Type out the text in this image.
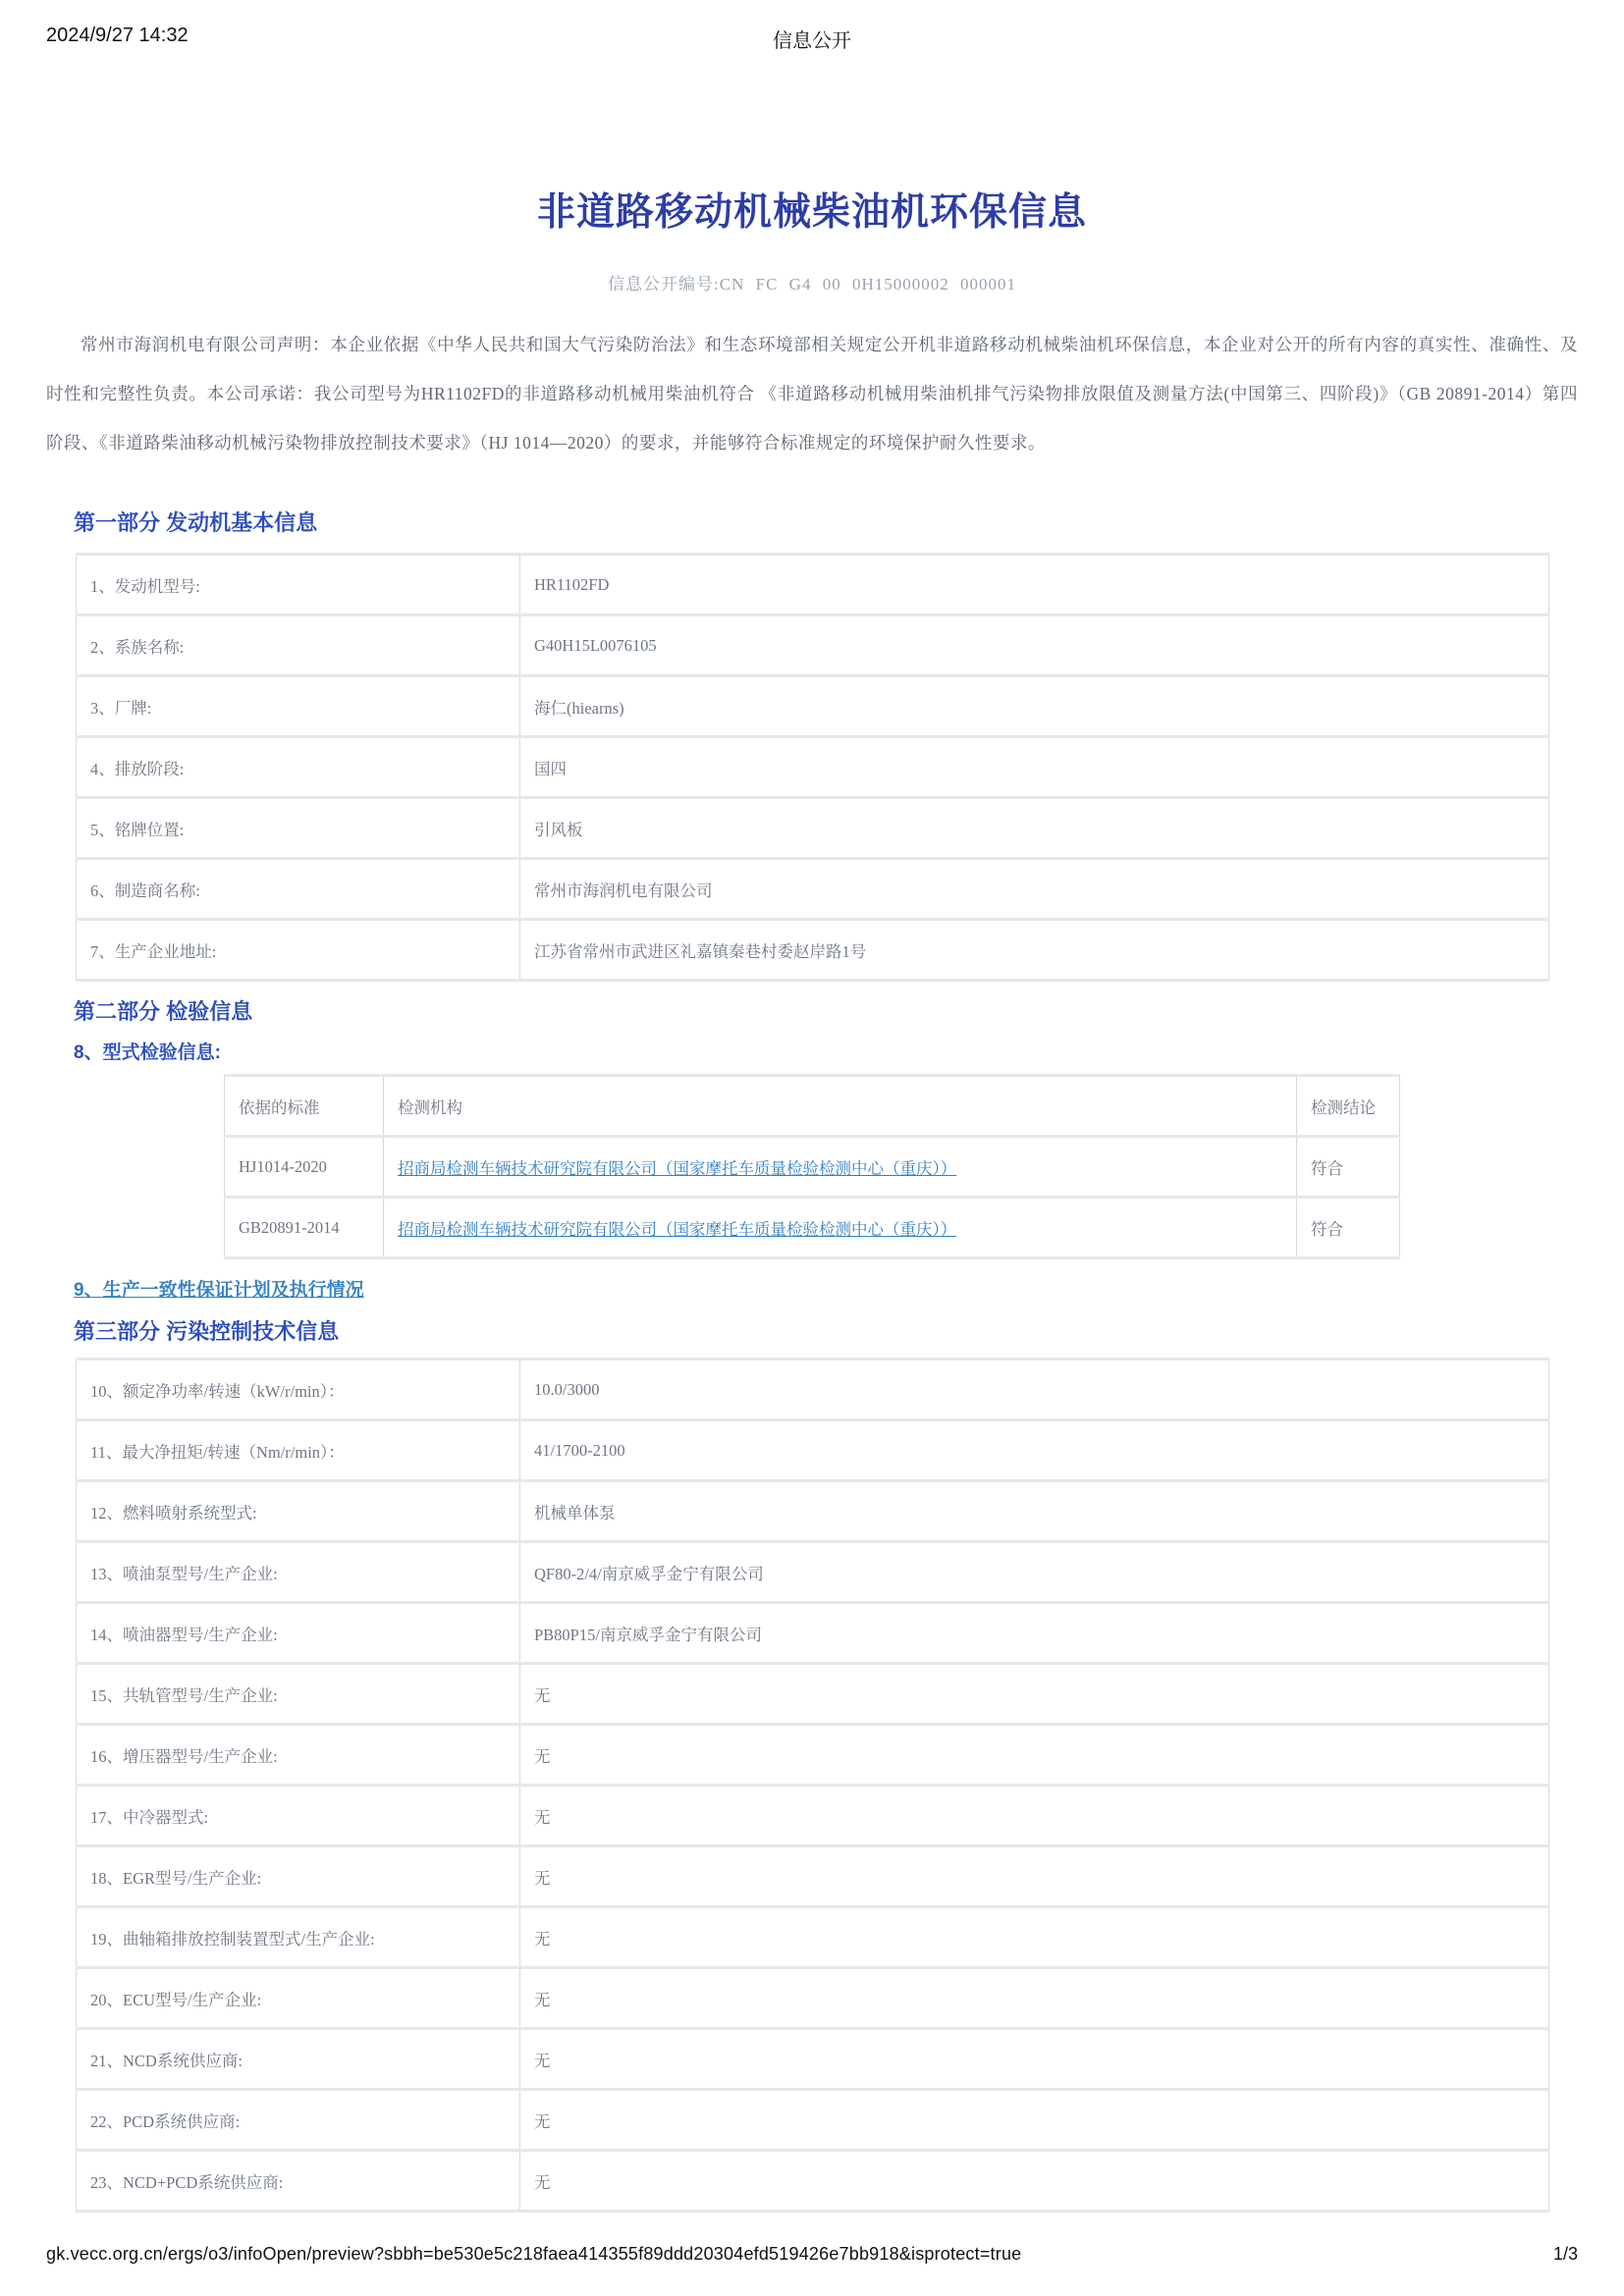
2024/9/27 14:32	信息公开
非道路移动机械柴油机环保信息
信息公开编号:CN FC G4 00 0H15000002 000001

常州市海润机电有限公司声明：本企业依据《中华人民共和国大气污染防治法》和生态环境部相关规定公开机非道路移动机械柴油机环保信息，本企业对公开的所有内容的真实性、准确性、及时性和完整性负责。本公司承诺：我公司型号为HR1102FD的非道路移动机械用柴油机符合 《非道路移动机械用柴油机排气污染物排放限值及测量方法(中国第三、四阶段)》（GB 20891-2014）第四阶段、《非道路柴油移动机械污染物排放控制技术要求》（HJ 1014—2020）的要求，并能够符合标准规定的环境保护耐久性要求。

第一部分 发动机基本信息
1、发动机型号:	HR1102FD
2、系族名称:	G40H15L0076105
3、厂牌:	海仁(hiearns)
4、排放阶段:	国四
5、铭牌位置:	引风板
6、制造商名称:	常州市海润机电有限公司
7、生产企业地址:	江苏省常州市武进区礼嘉镇秦巷村委赵岸路1号
第二部分 检验信息
8、型式检验信息:
依据的标准	检测机构	检测结论
HJ1014-2020	招商局检测车辆技术研究院有限公司（国家摩托车质量检验检测中心（重庆））	符合
GB20891-2014	招商局检测车辆技术研究院有限公司（国家摩托车质量检验检测中心（重庆））	符合
9、生产一致性保证计划及执行情况
第三部分 污染控制技术信息
10、额定净功率/转速（kW/r/min）：	10.0/3000
11、最大净扭矩/转速（Nm/r/min）：	41/1700-2100
12、燃料喷射系统型式:	机械单体泵
13、喷油泵型号/生产企业:	QF80-2/4/南京威孚金宁有限公司
14、喷油器型号/生产企业:	PB80P15/南京威孚金宁有限公司
15、共轨管型号/生产企业:	无
16、增压器型号/生产企业:	无
17、中冷器型式:	无
18、EGR型号/生产企业:	无
19、曲轴箱排放控制装置型式/生产企业:	无
20、ECU型号/生产企业:	无
21、NCD系统供应商:	无
22、PCD系统供应商:	无
23、NCD+PCD系统供应商:	无
gk.vecc.org.cn/ergs/o3/infoOpen/preview?sbbh=be530e5c218faea414355f89ddd20304efd519426e7bb918&isprotect=true	1/3
